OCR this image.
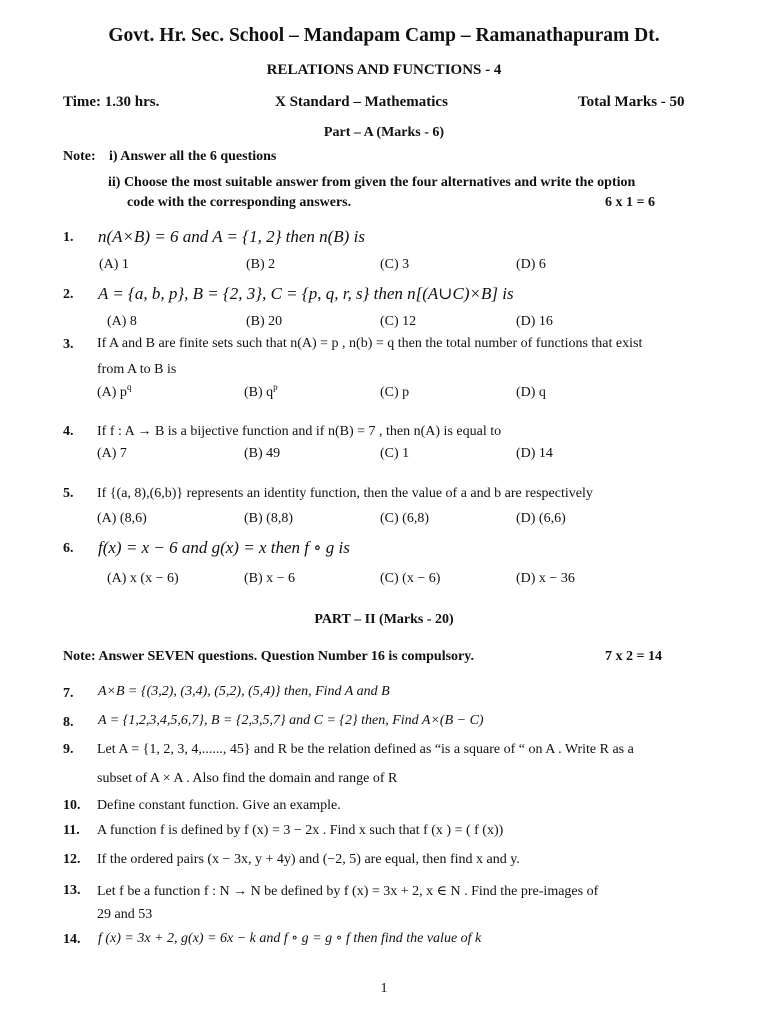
Govt. Hr. Sec. School – Mandapam Camp – Ramanathapuram Dt.
RELATIONS AND FUNCTIONS - 4
Time: 1.30 hrs.	X Standard – Mathematics	Total Marks - 50
Part – A (Marks - 6)
Note: i) Answer all the 6 questions
ii) Choose the most suitable answer from given the four alternatives and write the option
code with the corresponding answers.	6 x 1 = 6
1. n(A×B) = 6 and A = {1, 2} then n(B) is
(A) 1	(B) 2	(C) 3	(D) 6
2. A = {a, b, p}, B = {2, 3}, C = {p, q, r, s} then n[(A∪C)×B] is
(A) 8	(B) 20	(C) 12	(D) 16
3. If A and B are finite sets such that n(A) = p , n(b) = q then the total number of functions that exist
from A to B is
(A) $p^q$	(B) $q^p$	(C) p	(D) q
4. If f : A → B is a bijective function and if n(B) = 7 , then n(A) is equal to
(A) 7	(B) 49	(C) 1	(D) 14
5. If {(a, 8),(6,b)} represents an identity function, then the value of a and b are respectively
(A) (8,6)	(B) (8,8)	(C) (6,8)	(D) (6,6)
6. f(x) = x − 6 and g(x) = x then f ∘ g is
(A) x (x − 6)	(B) x − 6	(C) (x − 6)	(D) x − 36
PART – II (Marks - 20)
Note: Answer SEVEN questions. Question Number 16 is compulsory.	7 x 2 = 14
7. A×B = {(3,2), (3,4), (5,2), (5,4)} then, Find A and B
8. A = {1,2,3,4,5,6,7}, B = {2,3,5,7} and C = {2} then, Find A×(B − C)
9. Let A = {1, 2, 3, 4,......, 45} and R be the relation defined as “is a square of “ on A . Write R as a
subset of A × A . Also find the domain and range of R
10. Define constant function. Give an example.
11. A function f is defined by f (x) = 3 − 2x . Find x such that f (x ) = ( f (x))
12. If the ordered pairs (x − 3x, y + 4y) and (−2, 5) are equal, then find x and y.
13. Let f be a function f : N → N be defined by f (x) = 3x + 2, x ∈ N . Find the pre-images of
29 and 53
14. f (x) = 3x + 2, g(x) = 6x − k and f ∘ g = g ∘ f then find the value of k
1
